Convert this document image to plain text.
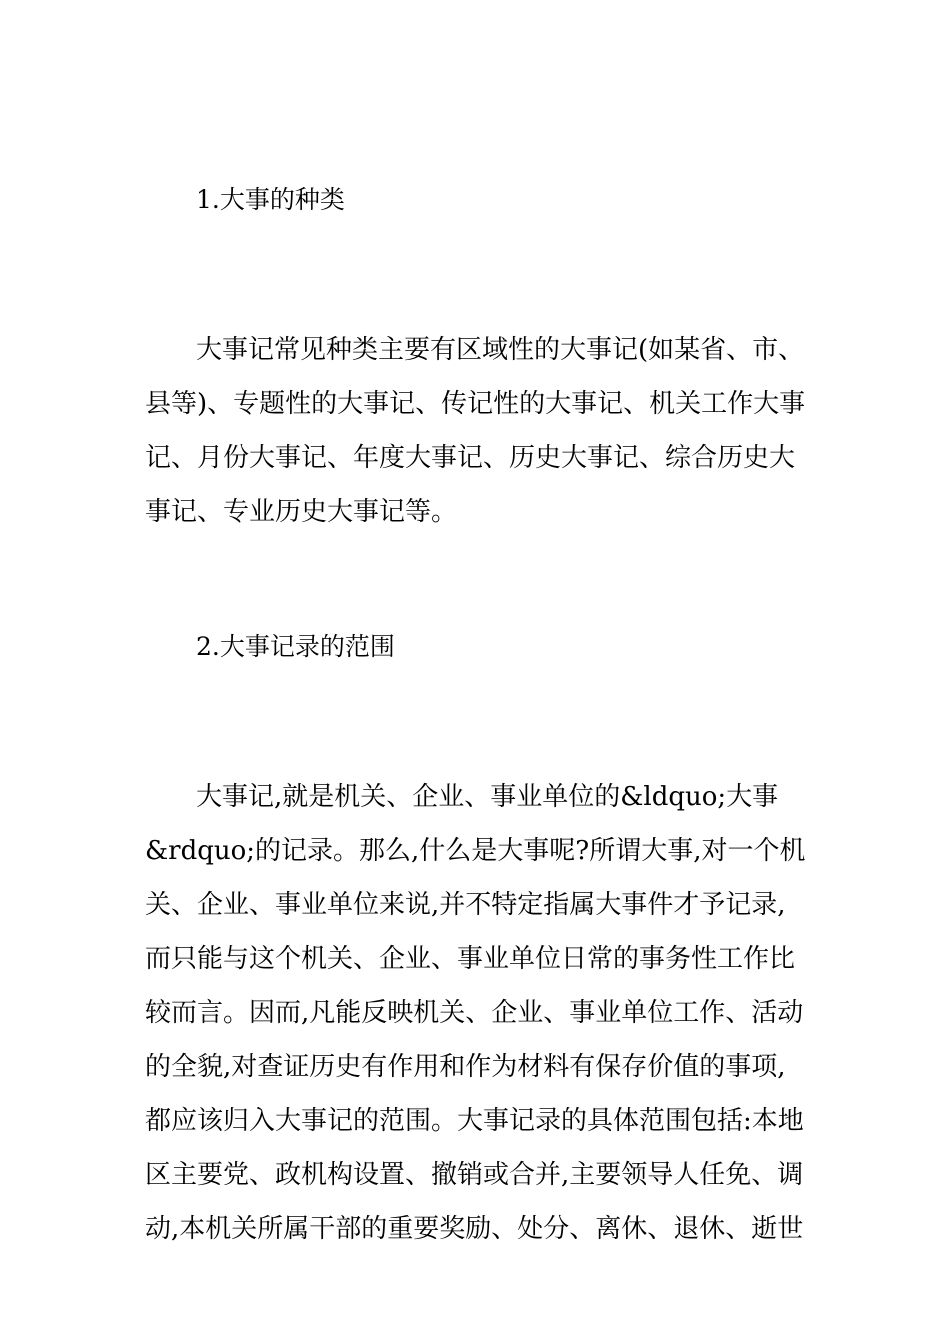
1.大事的种类
大事记常见种类主要有区域性的大事记(如某省、市、
县等)、专题性的大事记、传记性的大事记、机关工作大事
记、月份大事记、年度大事记、历史大事记、综合历史大
事记、专业历史大事记等。
2.大事记录的范围
大事记,就是机关、企业、事业单位的&ldquo;大事
&rdquo;的记录。那么,什么是大事呢?所谓大事,对一个机
关、企业、事业单位来说,并不特定指属大事件才予记录,
而只能与这个机关、企业、事业单位日常的事务性工作比
较而言。因而,凡能反映机关、企业、事业单位工作、活动
的全貌,对查证历史有作用和作为材料有保存价值的事项,
都应该归入大事记的范围。大事记录的具体范围包括:本地
区主要党、政机构设置、撤销或合并,主要领导人任免、调
动,本机关所属干部的重要奖励、处分、离休、退休、逝世
